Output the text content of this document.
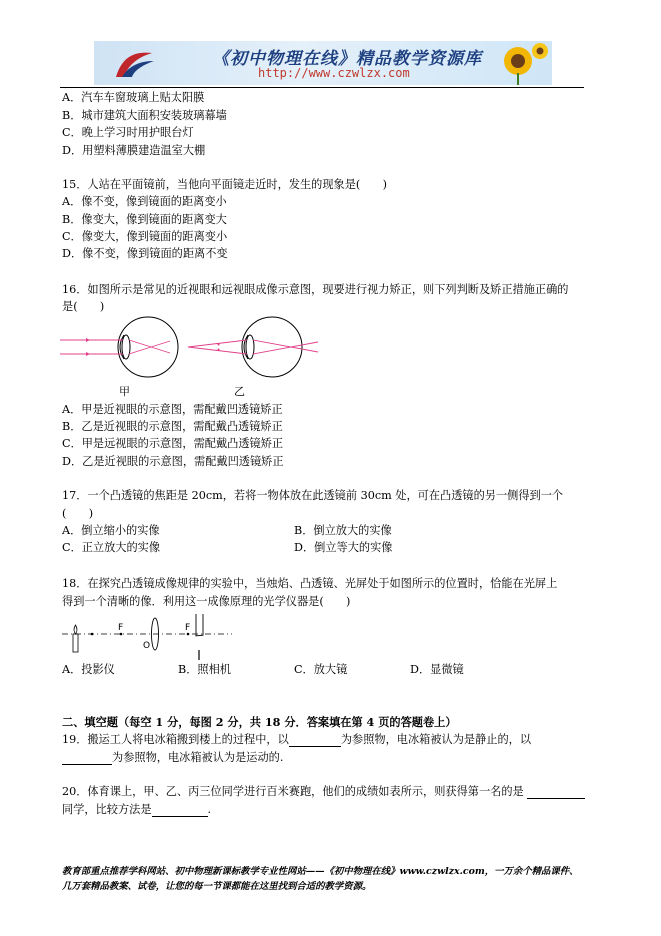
《初中物理在线》精品教学资源库
http://www.czwlzx.com
A．汽车车窗玻璃上贴太阳膜
B．城市建筑大面积安装玻璃幕墙
C．晚上学习时用护眼台灯
D．用塑料薄膜建造温室大棚
15．人站在平面镜前，当他向平面镜走近时，发生的现象是(　　)
A．像不变，像到镜面的距离变小
B．像变大，像到镜面的距离变大
C．像变大，像到镜面的距离变小
D．像不变，像到镜面的距离不变
16．如图所示是常见的近视眼和远视眼成像示意图，现要进行视力矫正，则下列判断及矫正措施正确的
是(　　)
甲	乙
A．甲是近视眼的示意图，需配戴凹透镜矫正
B．乙是近视眼的示意图，需配戴凸透镜矫正
C．甲是远视眼的示意图，需配戴凸透镜矫正
D．乙是近视眼的示意图，需配戴凹透镜矫正
17．一个凸透镜的焦距是 20cm，若将一物体放在此透镜前 30cm 处，可在凸透镜的另一侧得到一个
(　　)
A．倒立缩小的实像	B．倒立放大的实像
C．正立放大的实像	D．倒立等大的实像
18．在探究凸透镜成像规律的实验中，当烛焰、凸透镜、光屏处于如图所示的位置时，恰能在光屏上
得到一个清晰的像．利用这一成像原理的光学仪器是(　　)
F
O
F
A．投影仪	B．照相机	C．放大镜	D．显微镜
二、填空题（每空 1 分，每图 2 分，共 18 分．答案填在第 4 页的答题卷上）
19．搬运工人将电冰箱搬到楼上的过程中，以	为参照物，电冰箱被认为是静止的，以
为参照物，电冰箱被认为是运动的.
20．体育课上，甲、乙、丙三位同学进行百米赛跑，他们的成绩如表所示，则获得第一名的是
同学，比较方法是	.
教育部重点推荐学科网站、初中物理新课标教学专业性网站——《初中物理在线》www.czwlzx.com，一万余个精品课件、
几万套精品教案、试卷，让您的每一节课都能在这里找到合适的教学资源。
